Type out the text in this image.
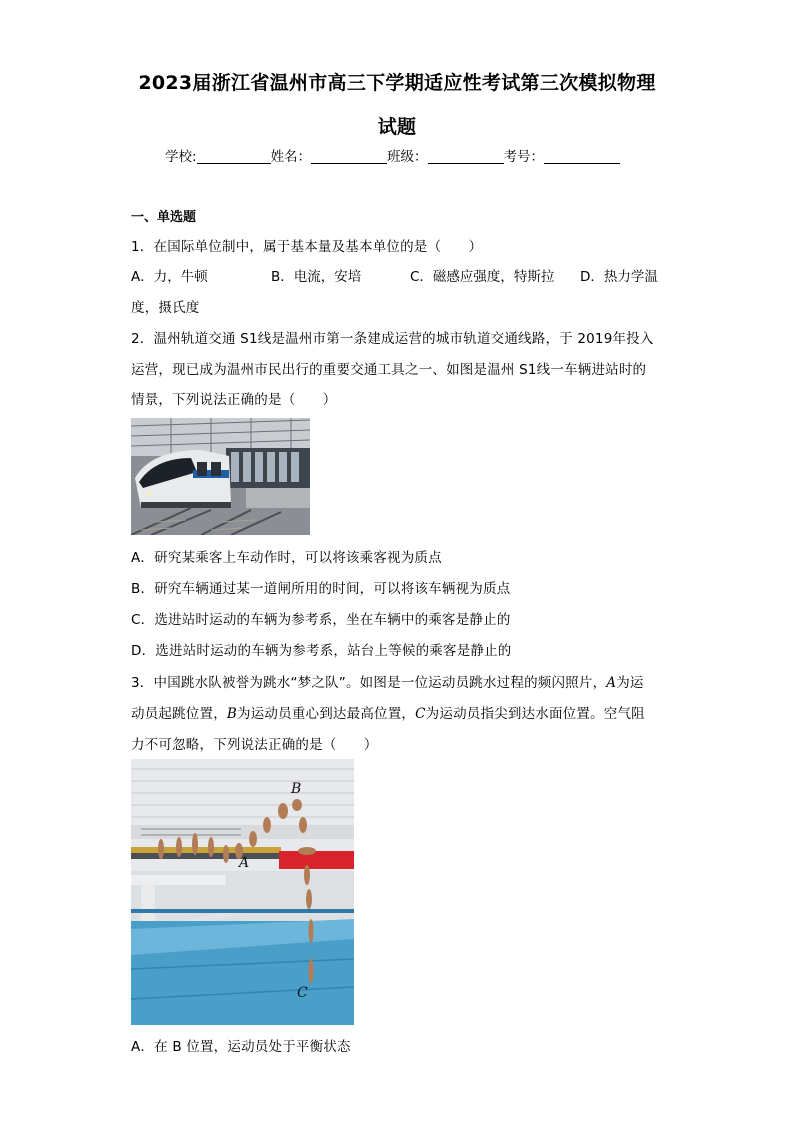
2023届浙江省温州市高三下学期适应性考试第三次模拟物理
试题
学校:	姓名：	班级：	考号：
一、单选题
1．在国际单位制中，属于基本量及基本单位的是（　　）
A．力，牛顿	B．电流，安培	C．磁感应强度，特斯拉 D．热力学温
度，摄氏度
2．温州轨道交通 S1线是温州市第一条建成运营的城市轨道交通线路，于 2019年投入
运营，现已成为温州市民出行的重要交通工具之一、如图是温州 S1线一车辆进站时的
情景，下列说法正确的是（　　）
A．研究某乘客上车动作时，可以将该乘客视为质点
B．研究车辆通过某一道闸所用的时间，可以将该车辆视为质点
C．选进站时运动的车辆为参考系，坐在车辆中的乘客是静止的
D．选进站时运动的车辆为参考系，站台上等候的乘客是静止的
3．中国跳水队被誉为跳水“梦之队”。如图是一位运动员跳水过程的频闪照片，A为运
动员起跳位置，B为运动员重心到达最高位置，C为运动员指尖到达水面位置。空气阻
力不可忽略，下列说法正确的是（　　）
B
A
C
A．在 B 位置，运动员处于平衡状态
